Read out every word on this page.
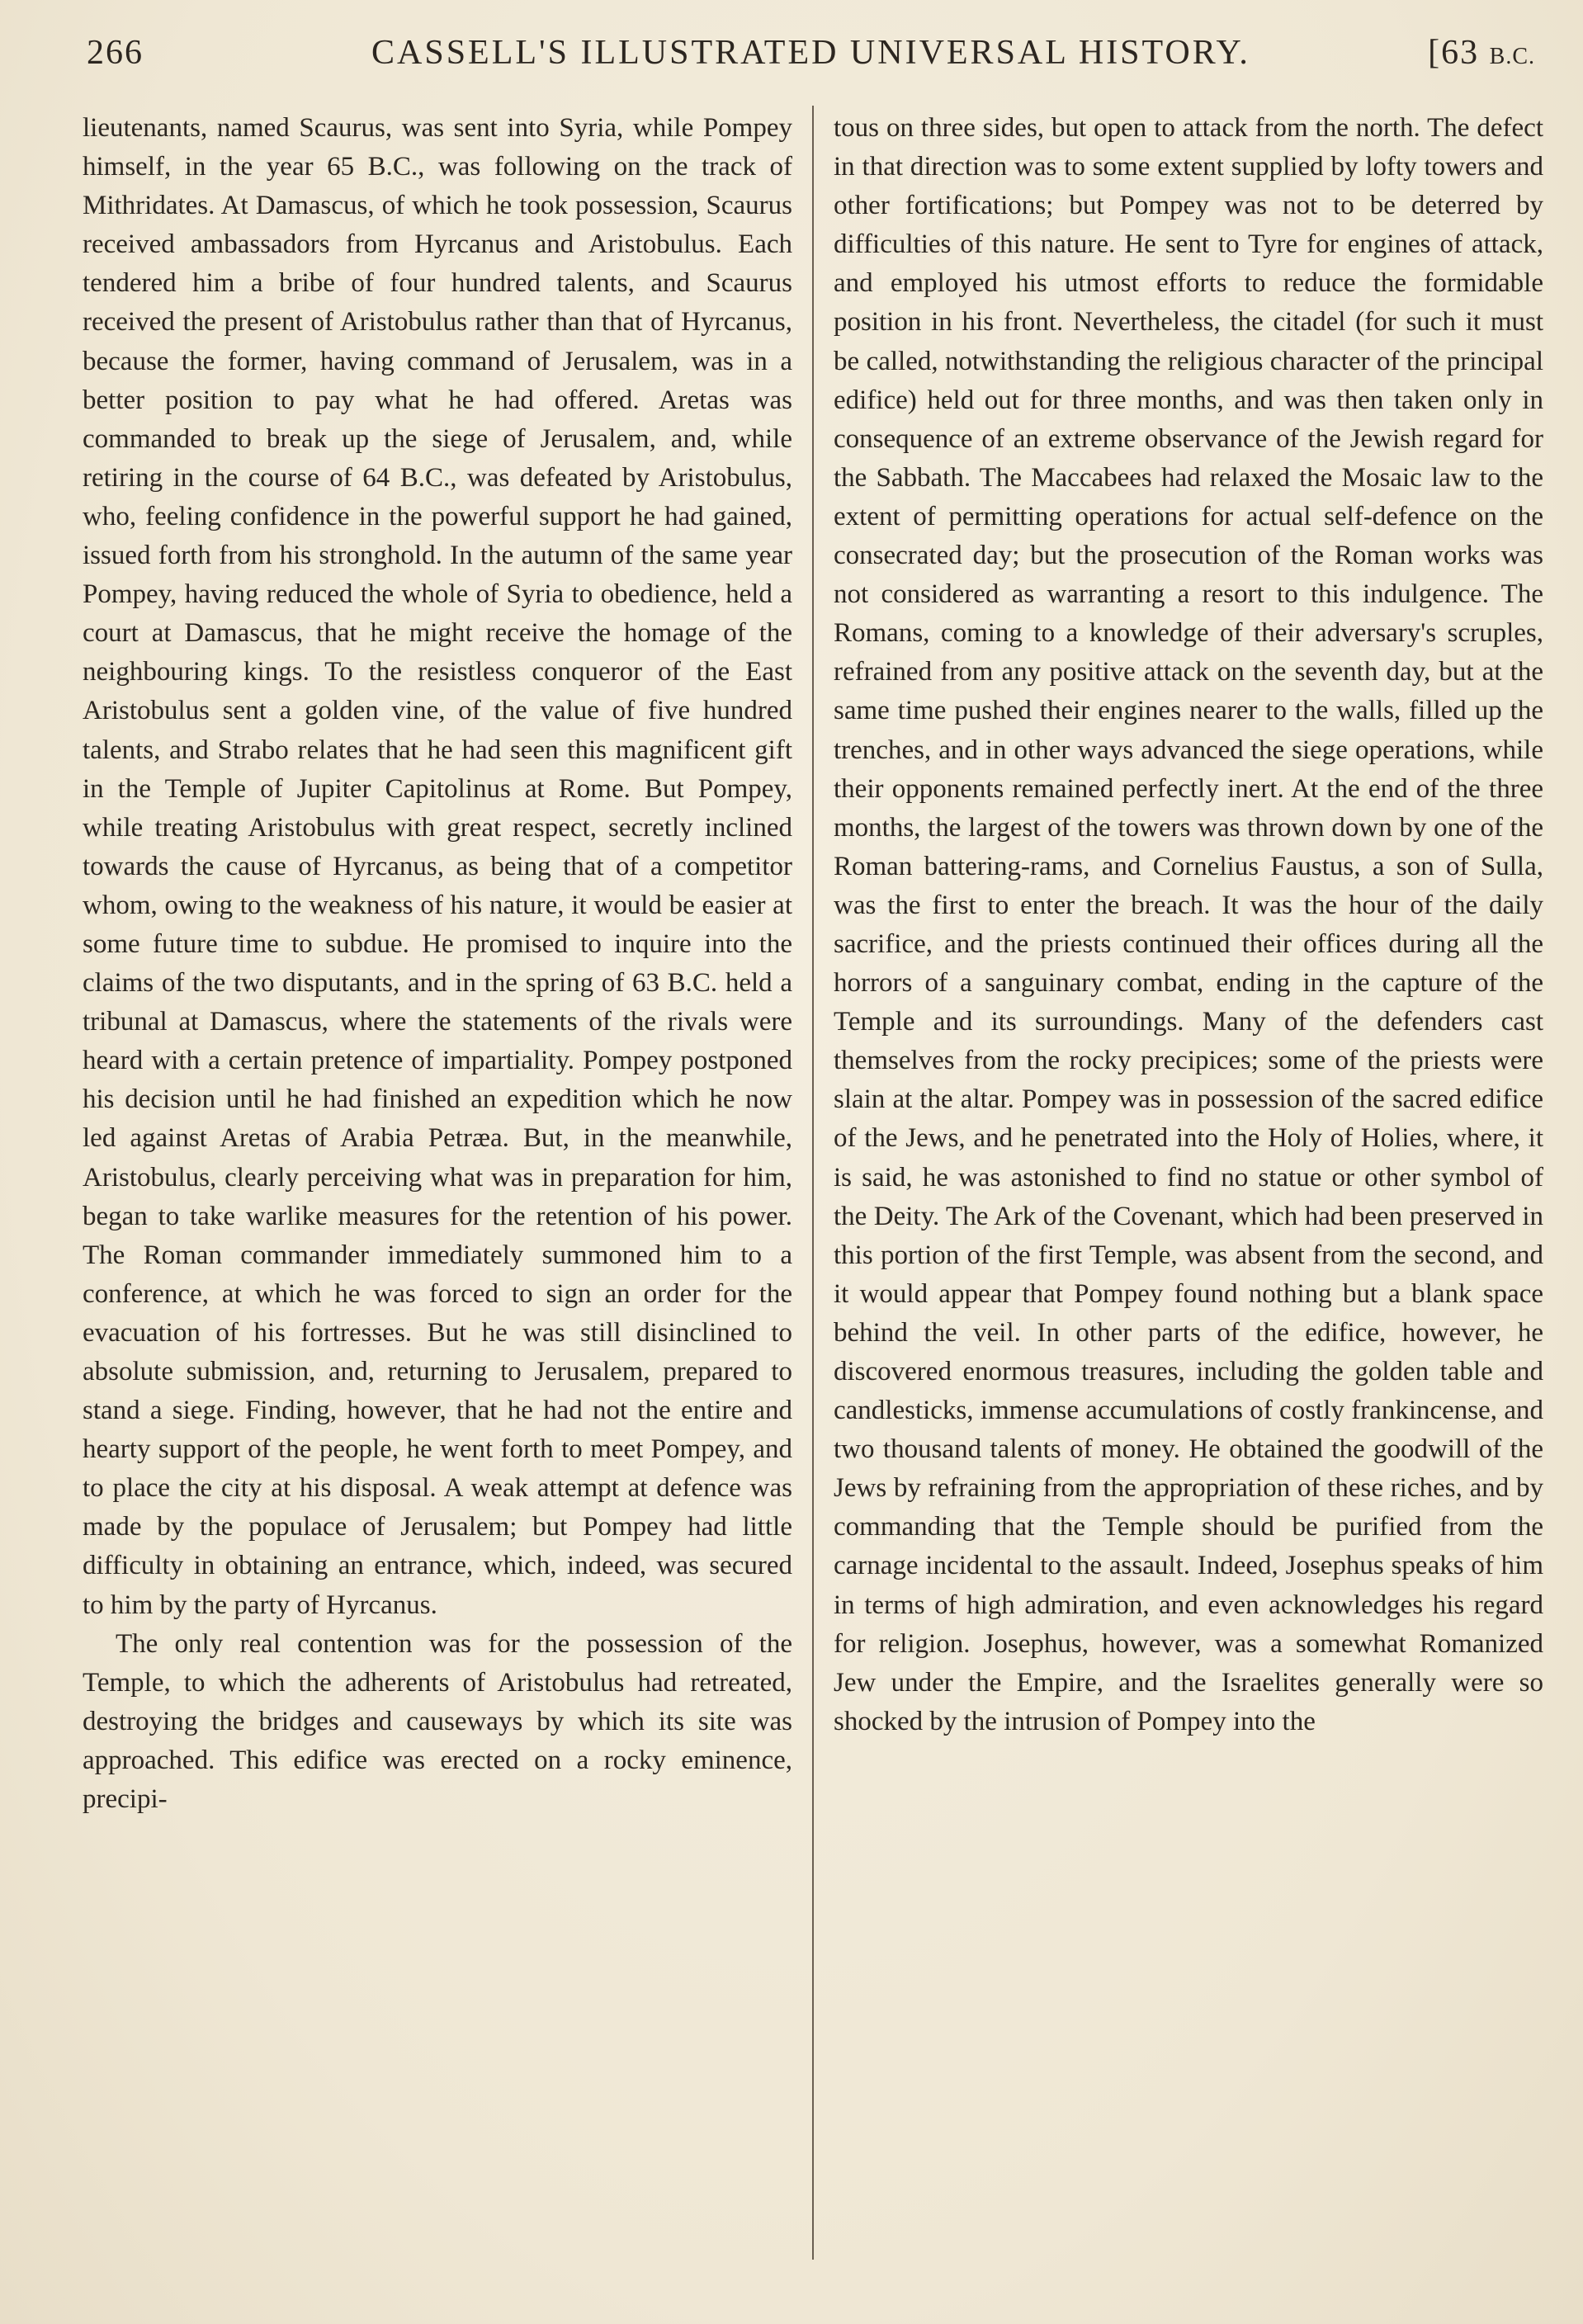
266	CASSELL'S ILLUSTRATED UNIVERSAL HISTORY.	[63 B.C.

lieutenants, named Scaurus, was sent into Syria, while Pompey himself, in the year 65 B.C., was following on the track of Mithridates. At Damascus, of which he took possession, Scaurus received ambassadors from Hyrcanus and Aristobulus. Each tendered him a bribe of four hundred talents, and Scaurus received the present of Aristobulus rather than that of Hyrcanus, because the former, having command of Jerusalem, was in a better position to pay what he had offered. Aretas was commanded to break up the siege of Jerusalem, and, while retiring in the course of 64 B.C., was defeated by Aristobulus, who, feeling confidence in the powerful support he had gained, issued forth from his stronghold. In the autumn of the same year Pompey, having reduced the whole of Syria to obedience, held a court at Damascus, that he might receive the homage of the neighbouring kings. To the resistless conqueror of the East Aristobulus sent a golden vine, of the value of five hundred talents, and Strabo relates that he had seen this magnificent gift in the Temple of Jupiter Capitolinus at Rome. But Pompey, while treating Aristobulus with great respect, secretly inclined towards the cause of Hyrcanus, as being that of a competitor whom, owing to the weakness of his nature, it would be easier at some future time to subdue. He promised to inquire into the claims of the two disputants, and in the spring of 63 B.C. held a tribunal at Damascus, where the statements of the rivals were heard with a certain pretence of impartiality. Pompey postponed his decision until he had finished an expedition which he now led against Aretas of Arabia Petræa. But, in the meanwhile, Aristobulus, clearly perceiving what was in preparation for him, began to take warlike measures for the retention of his power. The Roman commander immediately summoned him to a conference, at which he was forced to sign an order for the evacuation of his fortresses. But he was still disinclined to absolute submission, and, returning to Jerusalem, prepared to stand a siege. Finding, however, that he had not the entire and hearty support of the people, he went forth to meet Pompey, and to place the city at his disposal. A weak attempt at defence was made by the populace of Jerusalem; but Pompey had little difficulty in obtaining an entrance, which, indeed, was secured to him by the party of Hyrcanus.

The only real contention was for the possession of the Temple, to which the adherents of Aristobulus had retreated, destroying the bridges and causeways by which its site was approached. This edifice was erected on a rocky eminence, precipi-

tous on three sides, but open to attack from the north. The defect in that direction was to some extent supplied by lofty towers and other fortifications; but Pompey was not to be deterred by difficulties of this nature. He sent to Tyre for engines of attack, and employed his utmost efforts to reduce the formidable position in his front. Nevertheless, the citadel (for such it must be called, notwithstanding the religious character of the principal edifice) held out for three months, and was then taken only in consequence of an extreme observance of the Jewish regard for the Sabbath. The Maccabees had relaxed the Mosaic law to the extent of permitting operations for actual self-defence on the consecrated day; but the prosecution of the Roman works was not considered as warranting a resort to this indulgence. The Romans, coming to a knowledge of their adversary's scruples, refrained from any positive attack on the seventh day, but at the same time pushed their engines nearer to the walls, filled up the trenches, and in other ways advanced the siege operations, while their opponents remained perfectly inert. At the end of the three months, the largest of the towers was thrown down by one of the Roman battering-rams, and Cornelius Faustus, a son of Sulla, was the first to enter the breach. It was the hour of the daily sacrifice, and the priests continued their offices during all the horrors of a sanguinary combat, ending in the capture of the Temple and its surroundings. Many of the defenders cast themselves from the rocky precipices; some of the priests were slain at the altar. Pompey was in possession of the sacred edifice of the Jews, and he penetrated into the Holy of Holies, where, it is said, he was astonished to find no statue or other symbol of the Deity. The Ark of the Covenant, which had been preserved in this portion of the first Temple, was absent from the second, and it would appear that Pompey found nothing but a blank space behind the veil. In other parts of the edifice, however, he discovered enormous treasures, including the golden table and candlesticks, immense accumulations of costly frankincense, and two thousand talents of money. He obtained the goodwill of the Jews by refraining from the appropriation of these riches, and by commanding that the Temple should be purified from the carnage incidental to the assault. Indeed, Josephus speaks of him in terms of high admiration, and even acknowledges his regard for religion. Josephus, however, was a somewhat Romanized Jew under the Empire, and the Israelites generally were so shocked by the intrusion of Pompey into the
